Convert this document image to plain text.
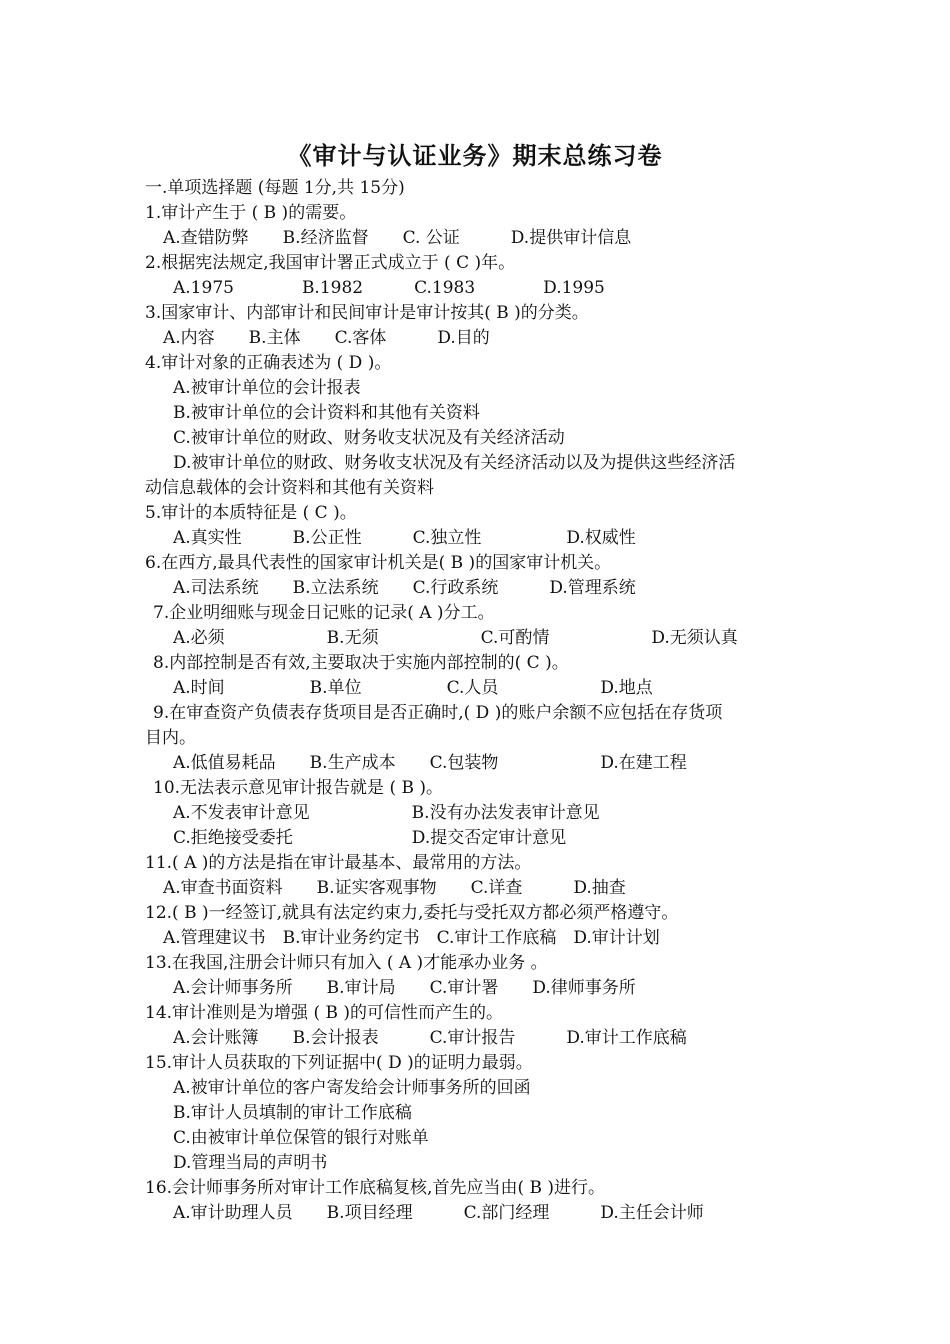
《审计与认证业务》期末总练习卷
一.单项选择题 (每题 1分,共 15分)
1.审计产生于 ( B )的需要。
A.查错防弊　　B.经济监督　　C. 公证　　　D.提供审计信息
2.根据宪法规定,我国审计署正式成立于 ( C )年。
A.1975　　　　B.1982　　　C.1983　　　　D.1995
3.国家审计、内部审计和民间审计是审计按其( B )的分类。
A.内容　　B.主体　　C.客体　　　D.目的
4.审计对象的正确表述为 ( D )。
A.被审计单位的会计报表
B.被审计单位的会计资料和其他有关资料
C.被审计单位的财政、财务收支状况及有关经济活动
D.被审计单位的财政、财务收支状况及有关经济活动以及为提供这些经济活
动信息载体的会计资料和其他有关资料
5.审计的本质特征是 ( C )。
A.真实性　　　B.公正性　　　C.独立性　　　　　D.权威性
6.在西方,最具代表性的国家审计机关是( B )的国家审计机关。
A.司法系统　　B.立法系统　　C.行政系统　　　D.管理系统
7.企业明细账与现金日记账的记录( A )分工。
A.必须　　　　　　B.无须　　　　　　C.可酌情　　　　　　D.无须认真
8.内部控制是否有效,主要取决于实施内部控制的( C )。
A.时间　　　　　B.单位　　　　　C.人员　　　　　　D.地点
9.在审查资产负债表存货项目是否正确时,( D )的账户余额不应包括在存货项
目内。
A.低值易耗品　　B.生产成本　　C.包装物　　　　　　D.在建工程
10.无法表示意见审计报告就是 ( B )。
A.不发表审计意见　　　　　　B.没有办法发表审计意见
C.拒绝接受委托　　　　　　　D.提交否定审计意见
11.( A )的方法是指在审计最基本、最常用的方法。
A.审查书面资料　　B.证实客观事物　　C.详查　　　D.抽查
12.( B )一经签订,就具有法定约束力,委托与受托双方都必须严格遵守。
A.管理建议书　B.审计业务约定书　C.审计工作底稿　D.审计计划
13.在我国,注册会计师只有加入 ( A )才能承办业务 。
A.会计师事务所　　B.审计局　　C.审计署　　D.律师事务所
14.审计准则是为增强 ( B )的可信性而产生的。
A.会计账簿　　B.会计报表　　　C.审计报告　　　D.审计工作底稿
15.审计人员获取的下列证据中( D )的证明力最弱。
A.被审计单位的客户寄发给会计师事务所的回函
B.审计人员填制的审计工作底稿
C.由被审计单位保管的银行对账单
D.管理当局的声明书
16.会计师事务所对审计工作底稿复核,首先应当由( B )进行。
A.审计助理人员　　B.项目经理　　　C.部门经理　　　D.主任会计师
